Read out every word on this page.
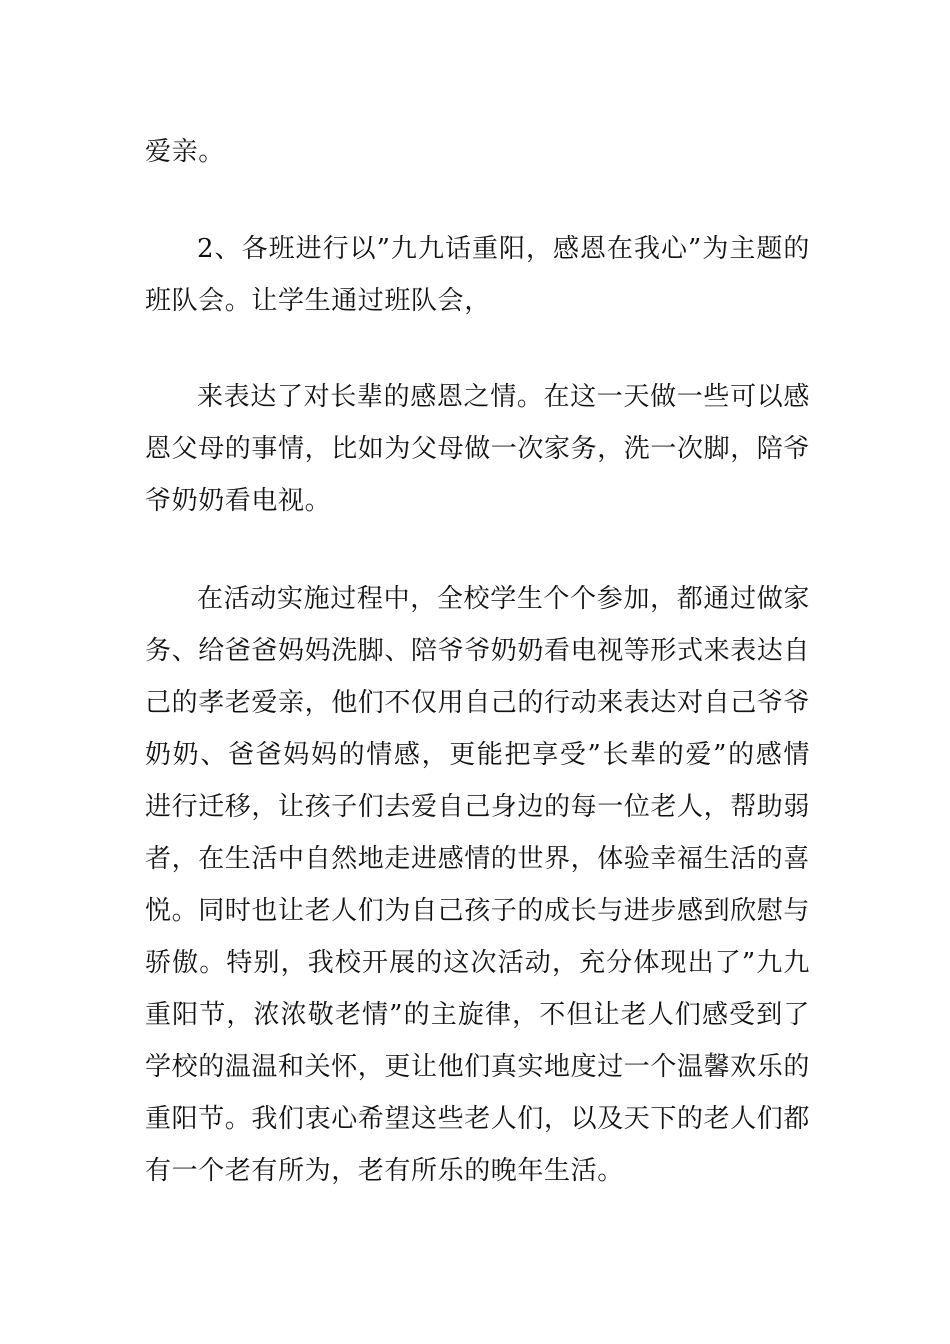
爱亲。

2、各班进行以”九九话重阳，感恩在我心”为主题的班队会。让学生通过班队会，

来表达了对长辈的感恩之情。在这一天做一些可以感恩父母的事情，比如为父母做一次家务，洗一次脚，陪爷爷奶奶看电视。

在活动实施过程中，全校学生个个参加，都通过做家务、给爸爸妈妈洗脚、陪爷爷奶奶看电视等形式来表达自己的孝老爱亲，他们不仅用自己的行动来表达对自己爷爷奶奶、爸爸妈妈的情感，更能把享受”长辈的爱”的感情进行迁移，让孩子们去爱自己身边的每一位老人，帮助弱者，在生活中自然地走进感情的世界，体验幸福生活的喜悦。同时也让老人们为自己孩子的成长与进步感到欣慰与骄傲。特别，我校开展的这次活动，充分体现出了”九九重阳节，浓浓敬老情”的主旋律，不但让老人们感受到了学校的温温和关怀，更让他们真实地度过一个温馨欢乐的重阳节。我们衷心希望这些老人们，以及天下的老人们都有一个老有所为，老有所乐的晚年生活。
